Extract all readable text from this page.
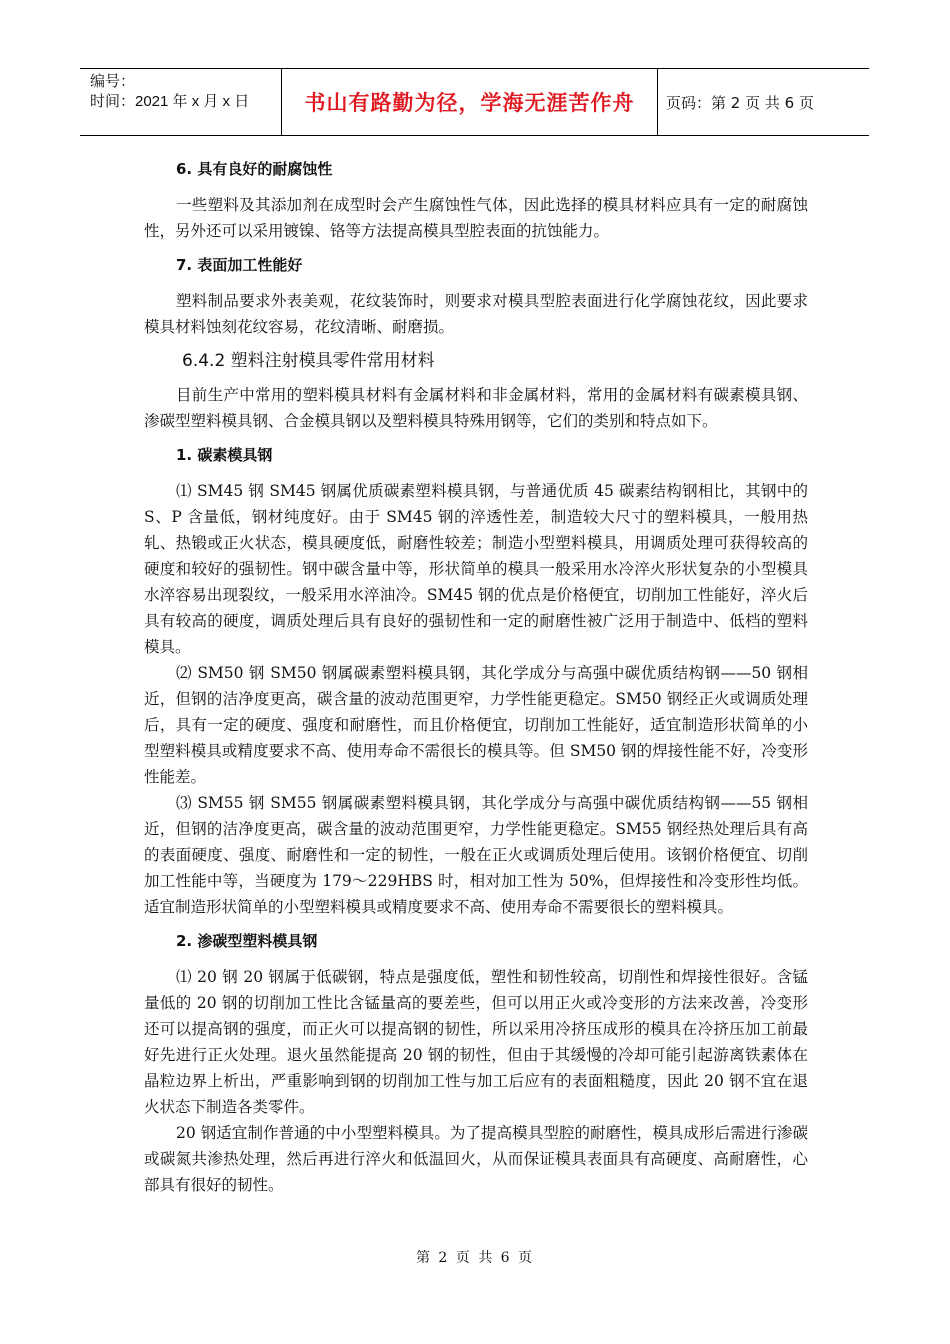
编号：
时间：2021 年 x 月 x 日	书山有路勤为径，学海无涯苦作舟	页码：第 2 页 共 6 页
6. 具有良好的耐腐蚀性

一些塑料及其添加剂在成型时会产生腐蚀性气体，因此选择的模具材料应具有一定的耐腐蚀性，另外还可以采用镀镍、铬等方法提高模具型腔表面的抗蚀能力。

7. 表面加工性能好

塑料制品要求外表美观，花纹装饰时，则要求对模具型腔表面进行化学腐蚀花纹，因此要求模具材料蚀刻花纹容易，花纹清晰、耐磨损。

6.4.2 塑料注射模具零件常用材料

目前生产中常用的塑料模具材料有金属材料和非金属材料，常用的金属材料有碳素模具钢、渗碳型塑料模具钢、合金模具钢以及塑料模具特殊用钢等，它们的类别和特点如下。

1. 碳素模具钢

⑴ SM45 钢 SM45 钢属优质碳素塑料模具钢，与普通优质 45 碳素结构钢相比，其钢中的 S、P 含量低，钢材纯度好。由于 SM45 钢的淬透性差，制造较大尺寸的塑料模具，一般用热轧、热锻或正火状态，模具硬度低，耐磨性较差；制造小型塑料模具，用调质处理可获得较高的硬度和较好的强韧性。钢中碳含量中等，形状简单的模具一般采用水冷淬火形状复杂的小型模具水淬容易出现裂纹，一般采用水淬油冷。SM45 钢的优点是价格便宜，切削加工性能好，淬火后具有较高的硬度，调质处理后具有良好的强韧性和一定的耐磨性被广泛用于制造中、低档的塑料模具。

⑵ SM50 钢 SM50 钢属碳素塑料模具钢，其化学成分与高强中碳优质结构钢——50 钢相近，但钢的洁净度更高，碳含量的波动范围更窄，力学性能更稳定。SM50 钢经正火或调质处理后，具有一定的硬度、强度和耐磨性，而且价格便宜，切削加工性能好，适宜制造形状简单的小型塑料模具或精度要求不高、使用寿命不需很长的模具等。但 SM50 钢的焊接性能不好，冷变形性能差。

⑶ SM55 钢 SM55 钢属碳素塑料模具钢，其化学成分与高强中碳优质结构钢——55 钢相近，但钢的洁净度更高，碳含量的波动范围更窄，力学性能更稳定。SM55 钢经热处理后具有高的表面硬度、强度、耐磨性和一定的韧性，一般在正火或调质处理后使用。该钢价格便宜、切削加工性能中等，当硬度为 179～229HBS 时，相对加工性为 50%，但焊接性和冷变形性均低。适宜制造形状简单的小型塑料模具或精度要求不高、使用寿命不需要很长的塑料模具。

2. 渗碳型塑料模具钢

⑴ 20 钢 20 钢属于低碳钢，特点是强度低，塑性和韧性较高，切削性和焊接性很好。含锰量低的 20 钢的切削加工性比含锰量高的要差些，但可以用正火或冷变形的方法来改善，冷变形还可以提高钢的强度，而正火可以提高钢的韧性，所以采用冷挤压成形的模具在冷挤压加工前最好先进行正火处理。退火虽然能提高 20 钢的韧性，但由于其缓慢的冷却可能引起游离铁素体在晶粒边界上析出，严重影响到钢的切削加工性与加工后应有的表面粗糙度，因此 20 钢不宜在退火状态下制造各类零件。

20 钢适宜制作普通的中小型塑料模具。为了提高模具型腔的耐磨性，模具成形后需进行渗碳或碳氮共渗热处理，然后再进行淬火和低温回火，从而保证模具表面具有高硬度、高耐磨性，心部具有很好的韧性。

第 2 页 共 6 页
